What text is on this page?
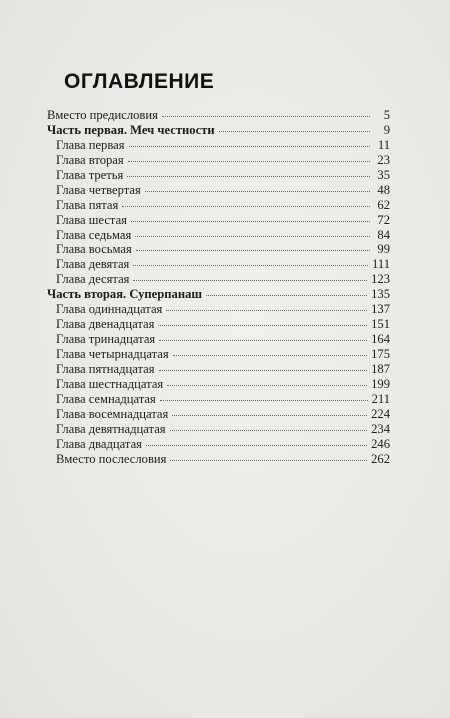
ОГЛАВЛЕНИЕ
Вместо предисловия	5
Часть первая. Меч честности	9
Глава первая	11
Глава вторая	23
Глава третья	35
Глава четвертая	48
Глава пятая	62
Глава шестая	72
Глава седьмая	84
Глава восьмая	99
Глава девятая	111
Глава десятая	123
Часть вторая. Суперпанаш	135
Глава одиннадцатая	137
Глава двенадцатая	151
Глава тринадцатая	164
Глава четырнадцатая	175
Глава пятнадцатая	187
Глава шестнадцатая	199
Глава семнадцатая	211
Глава восемнадцатая	224
Глава девятнадцатая	234
Глава двадцатая	246
Вместо послесловия	262
